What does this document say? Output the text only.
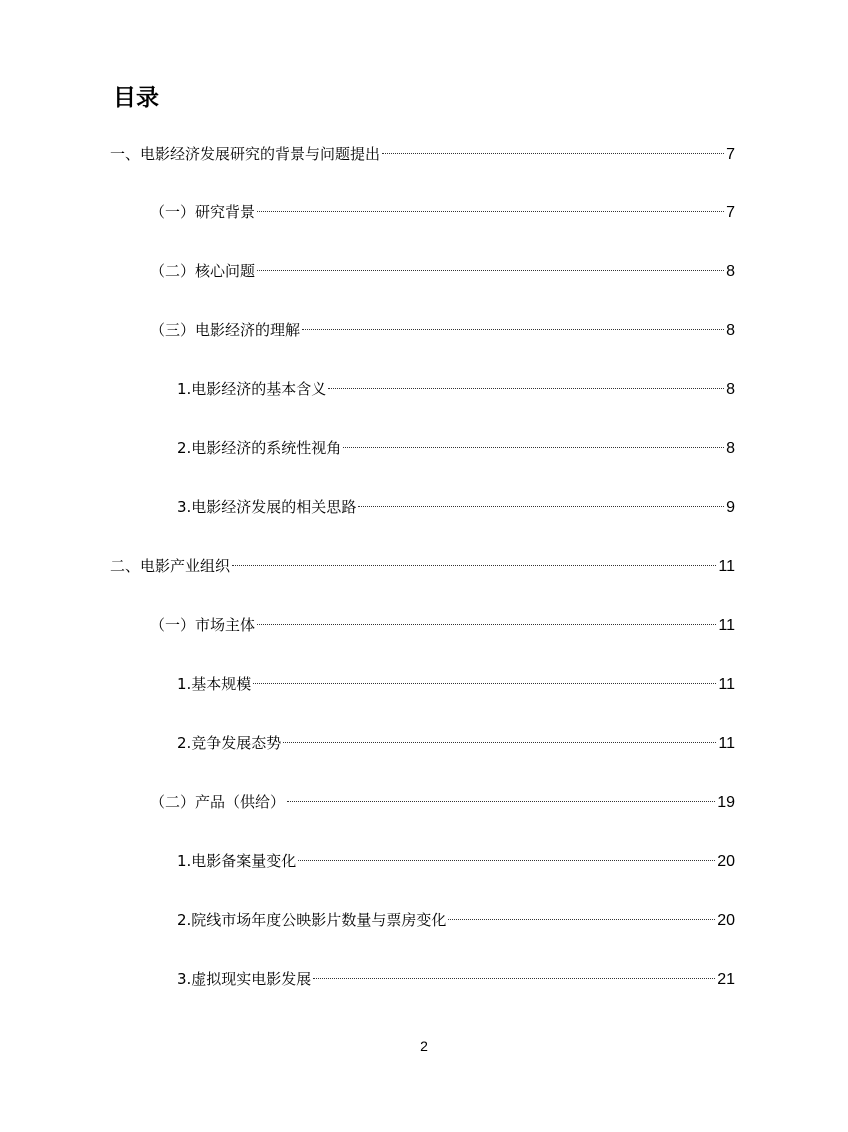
目录
一、电影经济发展研究的背景与问题提出	7
（一）研究背景	7
（二）核心问题	8
（三）电影经济的理解	8
1.电影经济的基本含义	8
2.电影经济的系统性视角	8
3.电影经济发展的相关思路	9
二、电影产业组织	11
（一）市场主体	11
1.基本规模	11
2.竞争发展态势	11
（二）产品（供给）	19
1.电影备案量变化	20
2.院线市场年度公映影片数量与票房变化	20
3.虚拟现实电影发展	21
2
